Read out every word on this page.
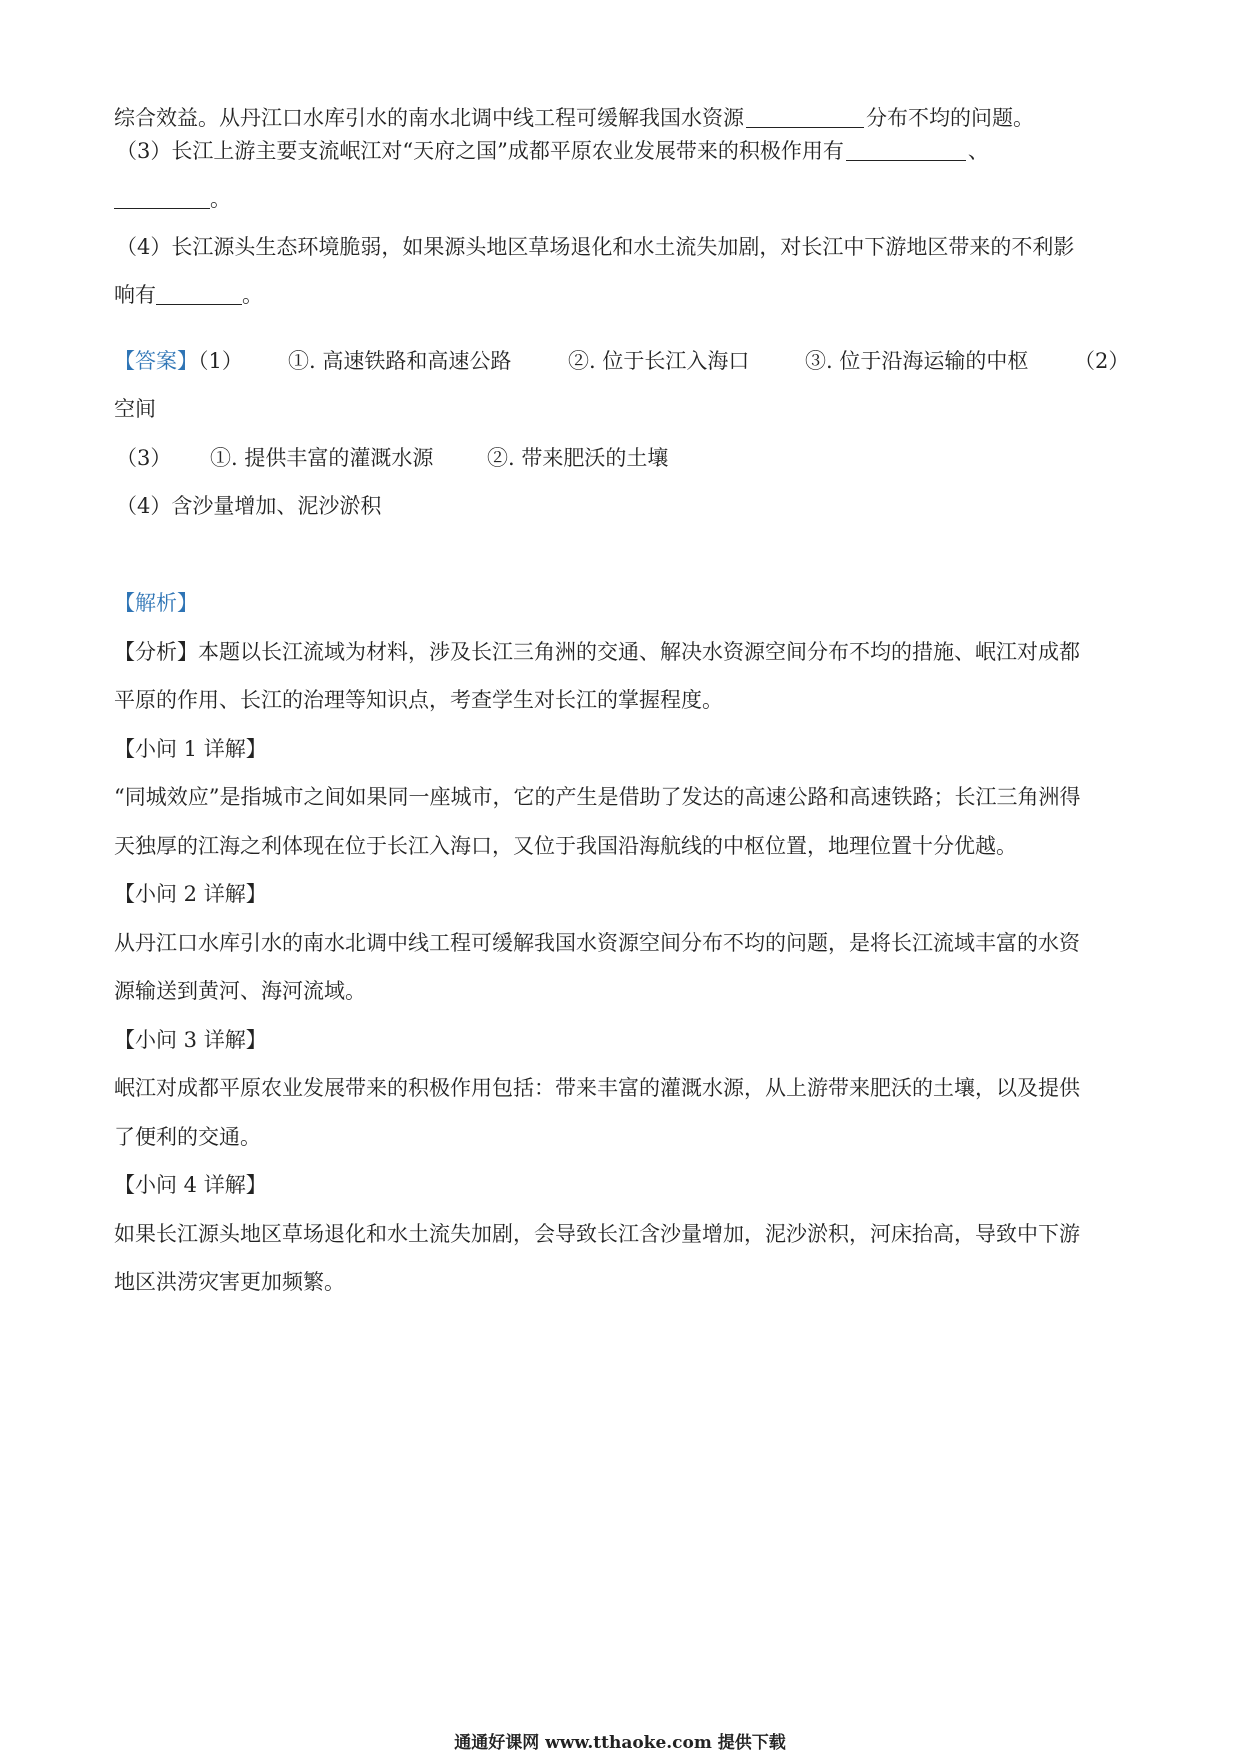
综合效益。从丹江口水库引水的南水北调中线工程可缓解我国水资源	分布不均的问题。
（3）长江上游主要支流岷江对“天府之国”成都平原农业发展带来的积极作用有	、
。
（4）长江源头生态环境脆弱，如果源头地区草场退化和水土流失加剧，对长江中下游地区带来的不利影
响有	。
【答案】（1） ①. 高速铁路和高速公路	②. 位于长江入海口	③. 位于沿海运输的中枢 （2）
空间
（3） ①. 提供丰富的灌溉水源	②. 带来肥沃的土壤
（4）含沙量增加、泥沙淤积
【解析】
【分析】本题以长江流域为材料，涉及长江三角洲的交通、解决水资源空间分布不均的措施、岷江对成都
平原的作用、长江的治理等知识点，考查学生对长江的掌握程度。
【小问 1 详解】
“同城效应”是指城市之间如果同一座城市，它的产生是借助了发达的高速公路和高速铁路；长江三角洲得
天独厚的江海之利体现在位于长江入海口，又位于我国沿海航线的中枢位置，地理位置十分优越。
【小问 2 详解】
从丹江口水库引水的南水北调中线工程可缓解我国水资源空间分布不均的问题，是将长江流域丰富的水资
源输送到黄河、海河流域。
【小问 3 详解】
岷江对成都平原农业发展带来的积极作用包括：带来丰富的灌溉水源，从上游带来肥沃的土壤，以及提供
了便利的交通。
【小问 4 详解】
如果长江源头地区草场退化和水土流失加剧，会导致长江含沙量增加，泥沙淤积，河床抬高，导致中下游
地区洪涝灾害更加频繁。
通通好课网 www.tthaoke.com 提供下载
